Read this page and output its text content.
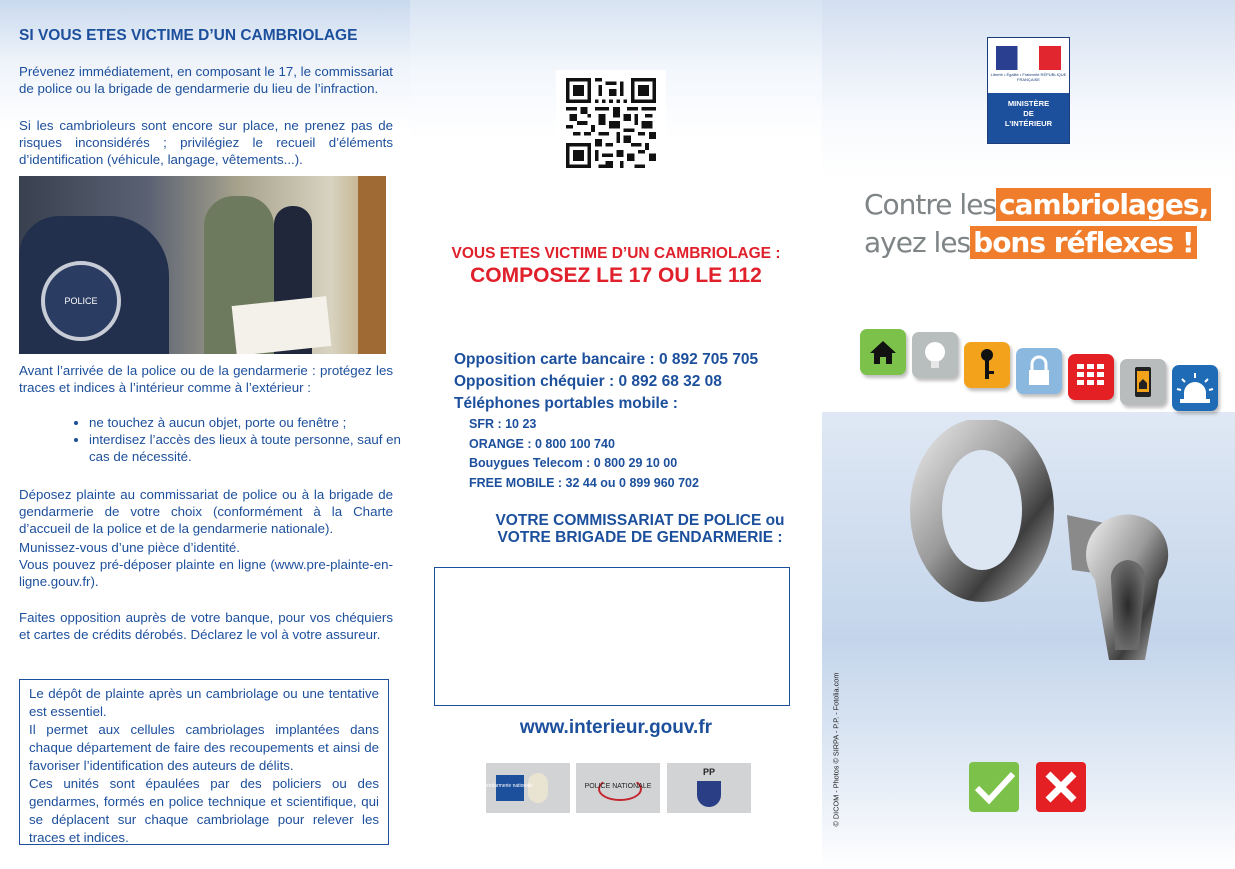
SI VOUS ETES VICTIME D’UN CAMBRIOLAGE

Prévenez immédiatement, en composant le 17, le commissariat de police ou la brigade de gendarmerie du lieu de l’infraction.

Si les cambrioleurs sont encore sur place, ne prenez pas de risques inconsidérés ; privilégiez le recueil d’éléments d’identification (véhicule, langage, vêtements...).

POLICE

Avant l’arrivée de la police ou de la gendarmerie : protégez les traces et indices à l’intérieur comme à l’extérieur :

• ne touchez à aucun objet, porte ou fenêtre ;
• interdisez l’accès des lieux à toute personne, sauf en cas de nécessité.

Déposez plainte au commissariat de police ou à la brigade de gendarmerie de votre choix (conformément à la Charte d’accueil de la police et de la gendarmerie nationale).

Munissez-vous d’une pièce d’identité.

Vous pouvez pré-déposer plainte en ligne (www.pre-plainte-en-ligne.gouv.fr).

Faites opposition auprès de votre banque, pour vos chéquiers et cartes de crédits dérobés. Déclarez le vol à votre assureur.

Le dépôt de plainte après un cambriolage ou une tentative est essentiel.

Il permet aux cellules cambriolages implantées dans chaque département de faire des recoupements et ainsi de favoriser l’identification des auteurs de délits.

Ces unités sont épaulées par des policiers ou des gendarmes, formés en police technique et scientifique, qui se déplacent sur chaque cambriolage pour relever les traces et indices.

VOUS ETES VICTIME D’UN CAMBRIOLAGE :
COMPOSEZ LE 17 OU LE 112
Opposition carte bancaire : 0 892 705 705
Opposition chéquier : 0 892 68 32 08
Téléphones portables mobile :
SFR : 10 23
ORANGE : 0 800 100 740
Bouygues Telecom : 0 800 29 10 00
FREE MOBILE : 32 44 ou 0 899 960 702
VOTRE COMMISSARIAT DE POLICE ou
VOTRE BRIGADE DE GENDARMERIE :
www.interieur.gouv.fr
gendarmerie nationale	POLICE NATIONALE
PP	© DICOM - Photos © SIRPA - P.P. - Fotolia.com
Liberté • Égalité • Fraternité RÉPUBLIQUE FRANÇAISE
MINISTÈRE
DE
L’INTÉRIEUR
Contre les cambriolages,
ayez les bons réflexes !
